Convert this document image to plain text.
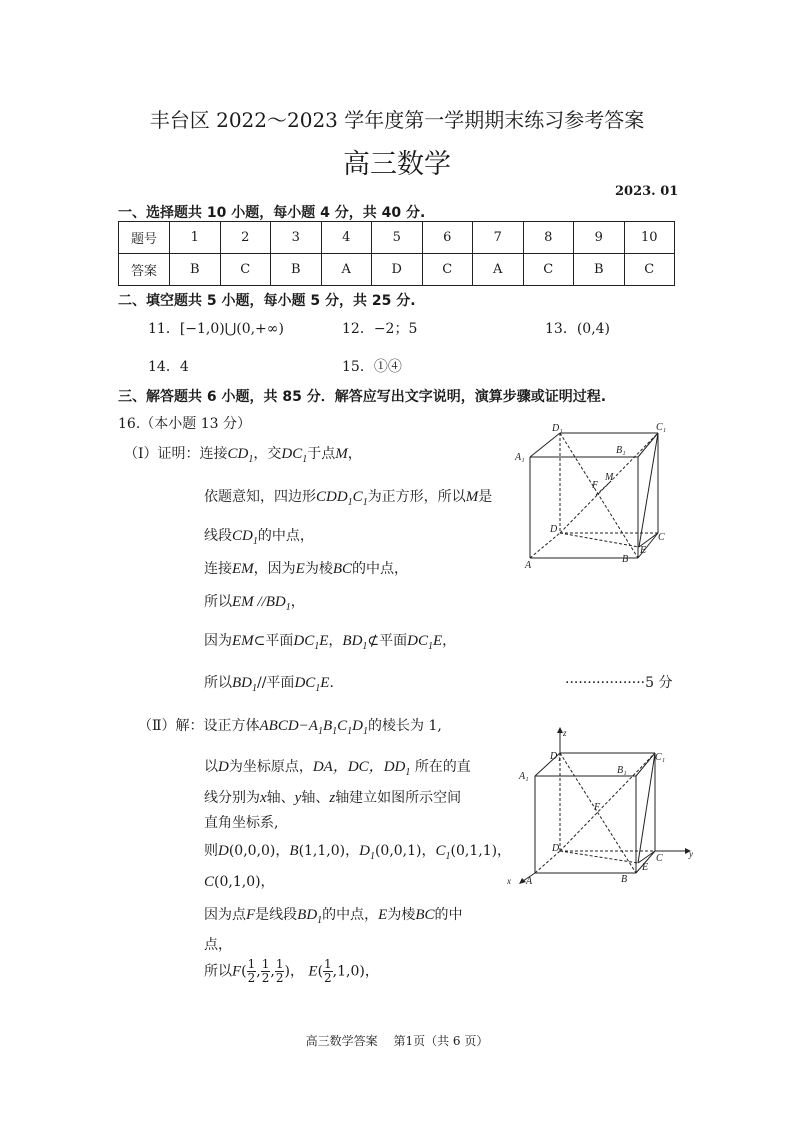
丰台区 2022～2023 学年度第一学期期末练习参考答案
高三数学
2023. 01
一、选择题共 10 小题，每小题 4 分，共 40 分.
题号	1	2	3	4	5	6	7	8	9	10
答案	B	C	B	A	D	C	A	C	B	C
二、填空题共 5 小题，每小题 5 分，共 25 分.
11．[−1,0)⋃(0,+∞)	12．−2；5	13．(0,4)
14．4	15．①④
三、解答题共 6 小题，共 85 分．解答应写出文字说明，演算步骤或证明过程.
16.（本小题 13 分）
（Ⅰ）证明：连接$CD_1$，交$DC_1$于点M，
依题意知，四边形$CDD_1C_1$为正方形，所以M是
线段$CD_1$的中点，
连接EM，因为E为棱BC的中点，
所以EM $//BD_1$，
因为EM⊂平面$DC_1E$，$BD_1⊄$平面$DC_1E$，
所以$BD_1//$平面$DC_1E$.	··················5 分
D₁
B₁
C₁
A₁
F
M
D
C
E
A
B
（Ⅱ）解：设正方体$ABCD-A_1B_1C_1D_1$的棱长为 1,
以D为坐标原点，DA，DC，$DD_1$ 所在的直
线分别为x轴、y轴、z轴建立如图所示空间
直角坐标系,
则D(0,0,0)，B(1,1,0)，$D_1(0,0,1)$，$C_1(0,1,1)$，
C(0,1,0)，
因为点F是线段$BD_1$的中点，E为棱BC的中
点，
所以$F( \frac{1}{2}$ , $\frac{1}{2}$ , $\frac{1}{2}$ )， $E( \frac{1}{2} ,1,0)$，
z
D₁	C₁
B₁
A₁
F
D
C
E
y
x A	B
高三数学答案　 第1页（共 6 页）
